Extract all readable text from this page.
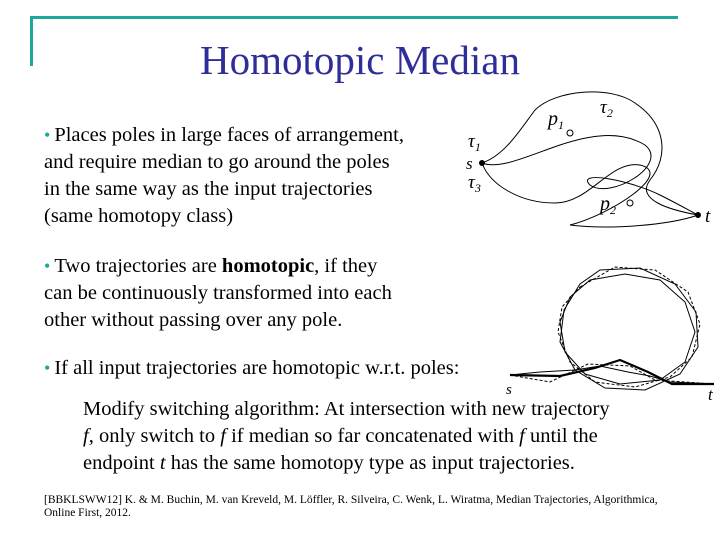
Homotopic Median
• Places poles in large faces of arrangement,
and require median to go around the poles
in the same way as the input trajectories
(same homotopy class)
• Two trajectories are homotopic, if they
can be continuously transformed into each
other without passing over any pole.
• If all input trajectories are homotopic w.r.t. poles:
Modify switching algorithm: At intersection with new trajectory
f, only switch to f if median so far concatenated with f until the
endpoint t has the same homotopy type as input trajectories.
[BBKLSWW12] K. & M. Buchin, M. van Kreveld, M. Löffler, R. Silveira, C. Wenk, L. Wiratma, Median Trajectories, Algorithmica,
Online First, 2012.
$p_1$
$p_2$
$\tau_2$
$\tau_1$
$\tau_3$
s
t
s	t
